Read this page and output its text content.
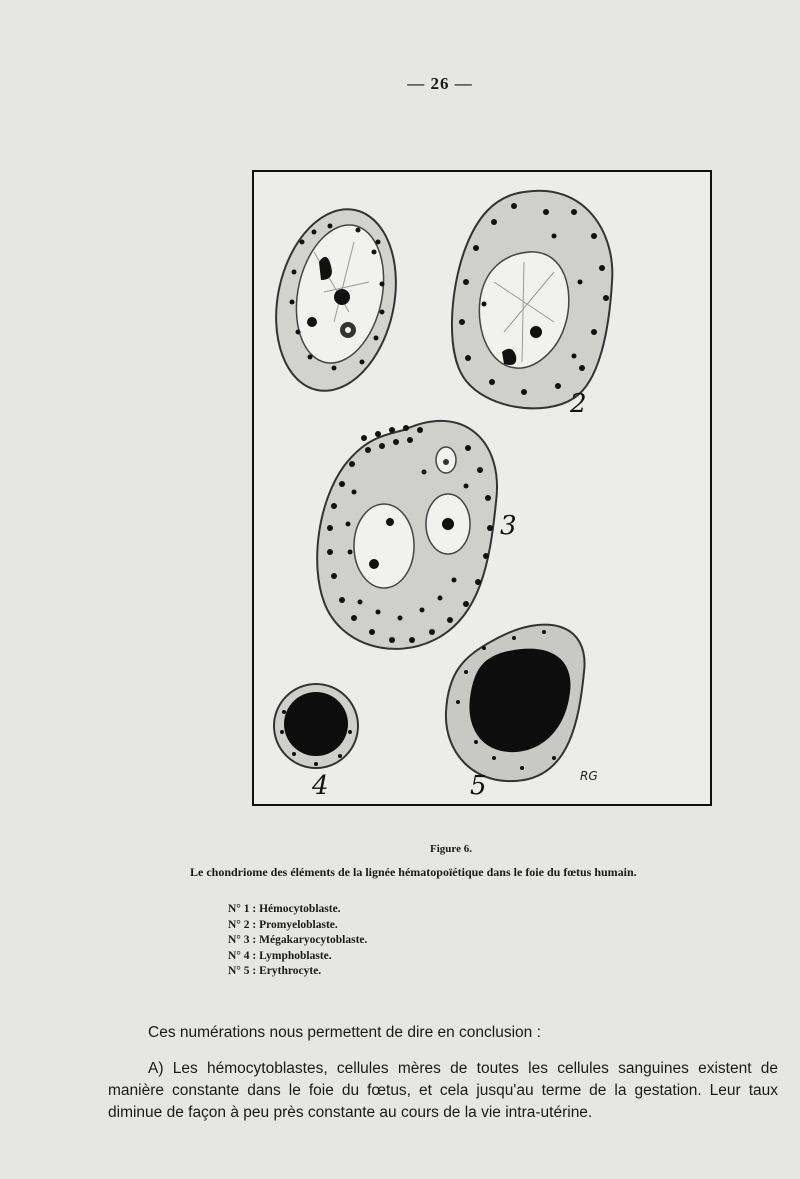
— 26 —
2
3
4	5	RG
Figure 6.
Le chondriome des éléments de la lignée hématopoïétique dans le foie du fœtus humain.
N° 1 : Hémocytoblaste.
N° 2 : Promyeloblaste.
N° 3 : Mégakaryocytoblaste.
N° 4 : Lymphoblaste.
N° 5 : Erythrocyte.

Ces numérations nous permettent de dire en conclusion :

A) Les hémocytoblastes, cellules mères de toutes les cellules sanguines existent de manière constante dans le foie du fœtus, et cela jusqu'au terme de la gestation. Leur taux diminue de façon à peu près constante au cours de la vie intra-utérine.
